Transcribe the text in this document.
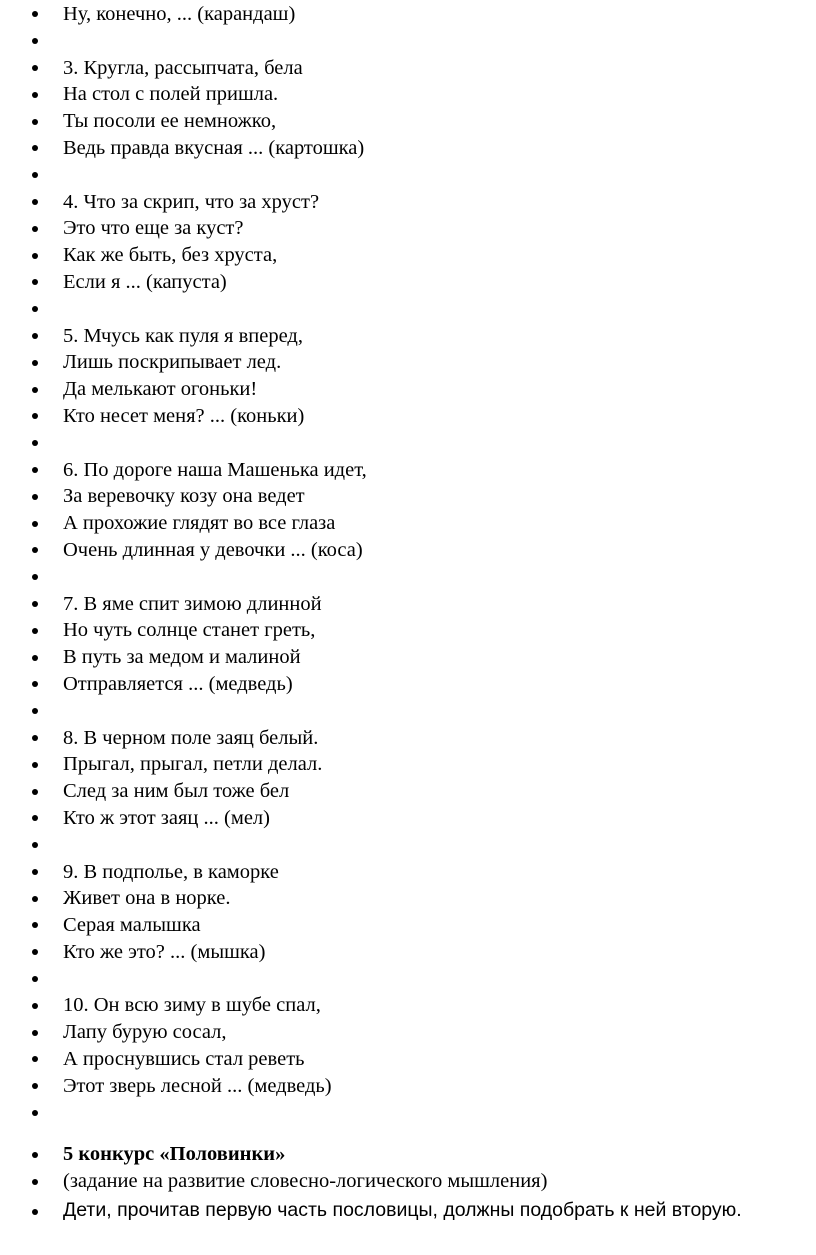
Ну, конечно, ... (карандаш)
3. Кругла, рассыпчата, бела
На стол с полей пришла.
Ты посоли ее немножко,
Ведь правда вкусная ... (картошка)
4. Что за скрип, что за хруст?
Это что еще за куст?
Как же быть, без хруста,
Если я ... (капуста)
5. Мчусь как пуля я вперед,
Лишь поскрипывает лед.
Да мелькают огоньки!
Кто несет меня? ... (коньки)
6. По дороге наша Машенька идет,
За веревочку козу она ведет
А прохожие глядят во все глаза
Очень длинная у девочки ... (коса)
7. В яме спит зимою длинной
Но чуть солнце станет греть,
В путь за медом и малиной
Отправляется ... (медведь)
8. В черном поле заяц белый.
Прыгал, прыгал, петли делал.
След за ним был тоже бел
Кто ж этот заяц ... (мел)
9. В подполье, в каморке
Живет она в норке.
Серая малышка
Кто же это? ... (мышка)
10. Он всю зиму в шубе спал,
Лапу бурую сосал,
А проснувшись стал реветь
Этот зверь лесной ... (медведь)
5 конкурс «Половинки»
(задание на развитие словесно-логического мышления)
Дети, прочитав первую часть пословицы, должны подобрать к ней вторую.
